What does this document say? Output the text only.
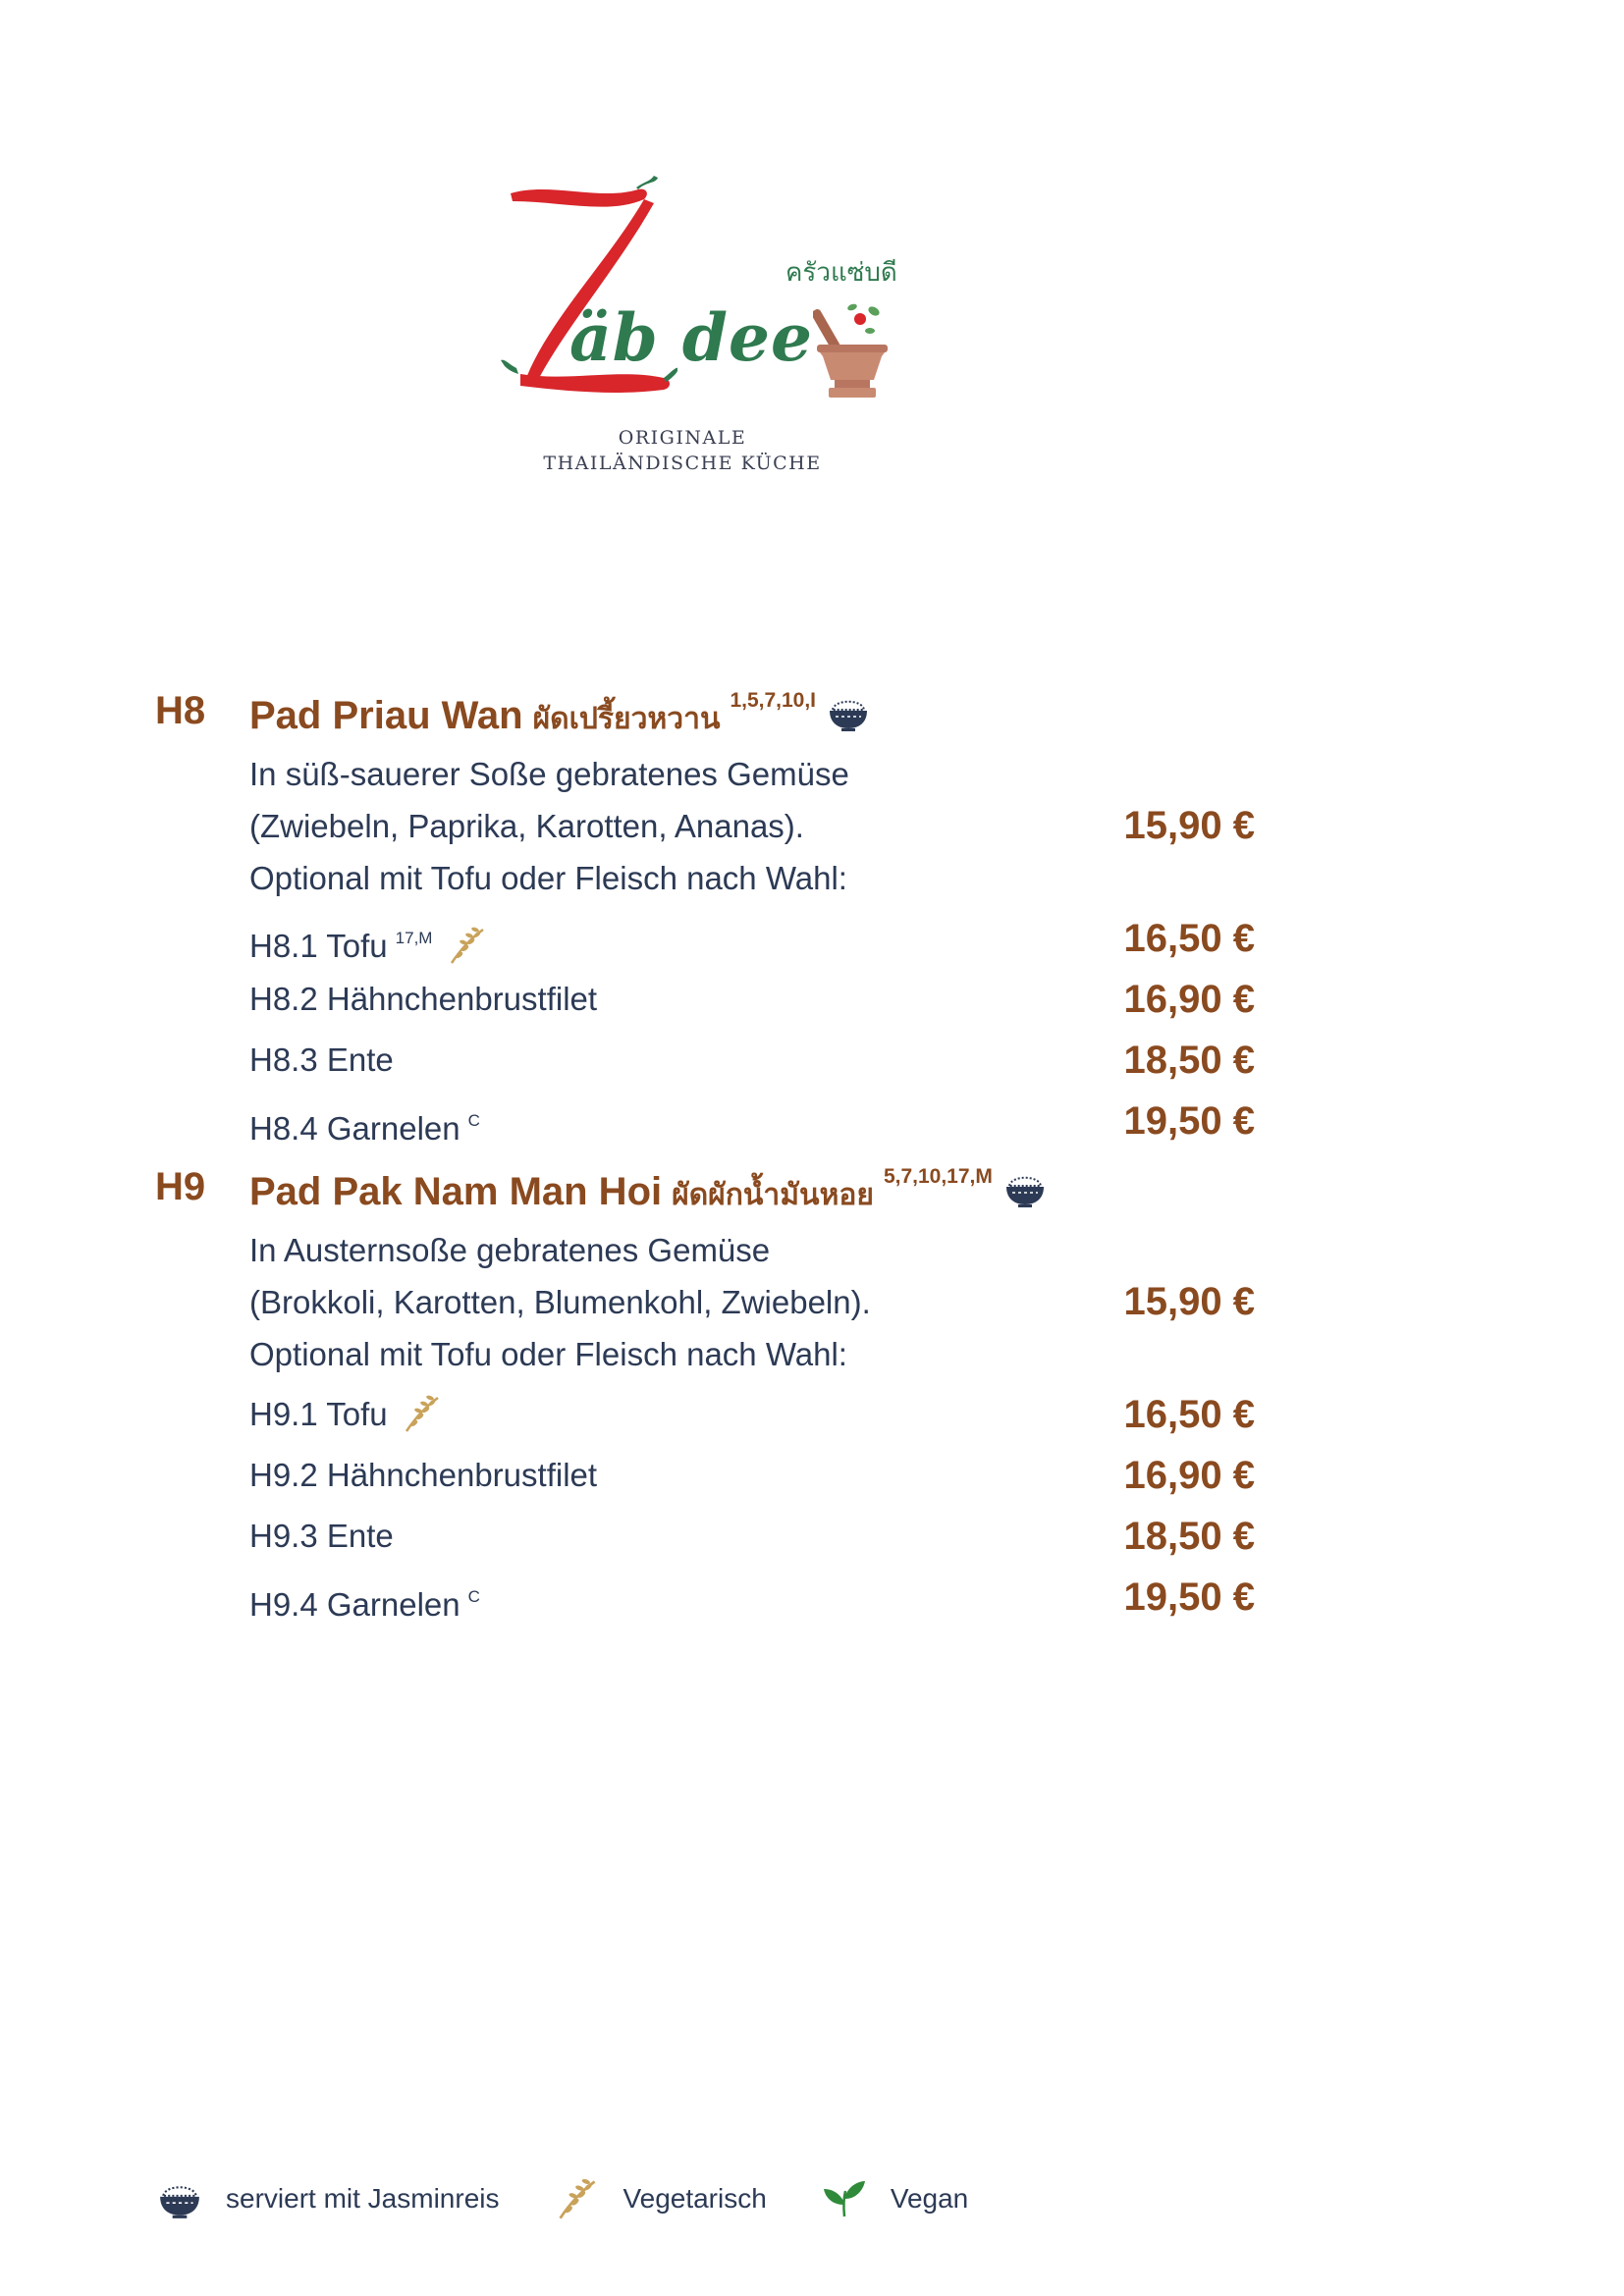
äb dee
ครัวแซ่บดี
ORIGINALE
THAILÄNDISCHE KÜCHE
H8 Pad Priau Wan ผัดเปรี้ยวหวาน1,5,7,10,I
In süß-sauerer Soße gebratenes Gemüse
(Zwiebeln, Paprika, Karotten, Ananas).	15,90 €
Optional mit Tofu oder Fleisch nach Wahl:
H8.1 Tofu $^{17,M}$	16,50 €
H8.2 Hähnchenbrustfilet	16,90 €
H8.3 Ente	18,50 €
H8.4 Garnelen $^C$	19,50 €
H9 Pad Pak Nam Man Hoi ผัดผักน้ำมันหอย5,7,10,17,M
In Austernsoße gebratenes Gemüse
(Brokkoli, Karotten, Blumenkohl, Zwiebeln).	15,90 €
Optional mit Tofu oder Fleisch nach Wahl:
H9.1 Tofu	16,50 €
H9.2 Hähnchenbrustfilet	16,90 €
H9.3 Ente	18,50 €
H9.4 Garnelen $^C$	19,50 €
serviert mit Jasminreis	Vegetarisch	Vegan
